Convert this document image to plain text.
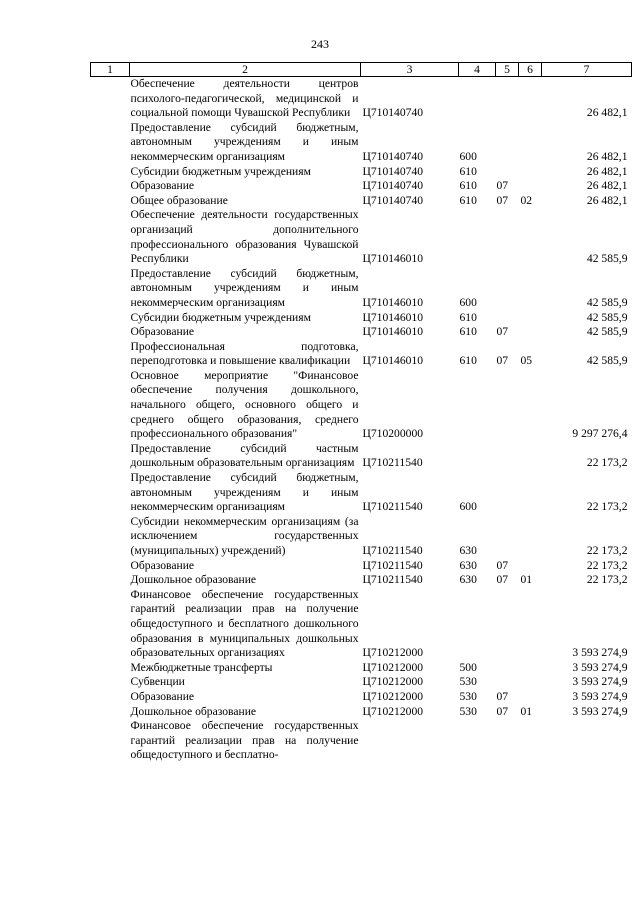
243
1	2	3	4	5	6	7
	Обеспечение деятельности центров психолого-педагогической, медицинской и социальной помощи Чувашской Республики	Ц710140740				26 482,1
	Предоставление субсидий бюджетным, автономным учреждениям и иным некоммерческим организациям	Ц710140740	600			26 482,1
	Субсидии бюджетным учреждениям	Ц710140740	610			26 482,1
	Образование	Ц710140740	610	07		26 482,1
	Общее образование	Ц710140740	610	07	02	26 482,1
	Обеспечение деятельности государственных организаций дополнительного профессионального образования Чувашской Республики	Ц710146010				42 585,9
	Предоставление субсидий бюджетным, автономным учреждениям и иным некоммерческим организациям	Ц710146010	600			42 585,9
	Субсидии бюджетным учреждениям	Ц710146010	610			42 585,9
	Образование	Ц710146010	610	07		42 585,9
	Профессиональная подготовка, переподготовка и повышение квалификации	Ц710146010	610	07	05	42 585,9
	Основное мероприятие "Финансовое обеспечение получения дошкольного, начального общего, основного общего и среднего общего образования, среднего профессионального образования"	Ц710200000				9 297 276,4
	Предоставление субсидий частным дошкольным образовательным организациям	Ц710211540				22 173,2
	Предоставление субсидий бюджетным, автономным учреждениям и иным некоммерческим организациям	Ц710211540	600			22 173,2
	Субсидии некоммерческим организациям (за исключением государственных (муниципальных) учреждений)	Ц710211540	630			22 173,2
	Образование	Ц710211540	630	07		22 173,2
	Дошкольное образование	Ц710211540	630	07	01	22 173,2
	Финансовое обеспечение государственных гарантий реализации прав на получение общедоступного и бесплатного дошкольного образования в муниципальных дошкольных образовательных организациях	Ц710212000				3 593 274,9
	Межбюджетные трансферты	Ц710212000	500			3 593 274,9
	Субвенции	Ц710212000	530			3 593 274,9
	Образование	Ц710212000	530	07		3 593 274,9
	Дошкольное образование	Ц710212000	530	07	01	3 593 274,9
	Финансовое обеспечение государственных гарантий реализации прав на получение общедоступного и бесплатно-					
